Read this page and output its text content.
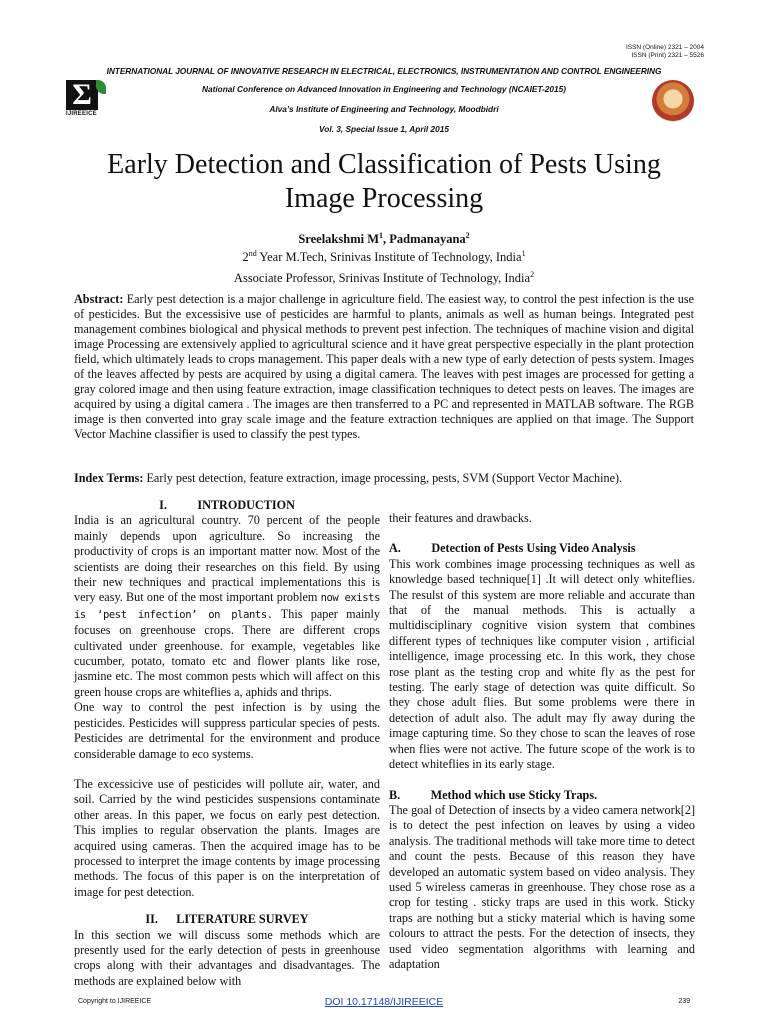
ISSN (Online) 2321 – 2004
ISSN (Print) 2321 – 5526
INTERNATIONAL JOURNAL OF INNOVATIVE RESEARCH IN ELECTRICAL, ELECTRONICS, INSTRUMENTATION AND CONTROL ENGINEERING
Σ
IJIREEICE
National Conference on Advanced Innovation in Engineering and Technology (NCAIET-2015)
Alva’s Institute of Engineering and Technology, Moodbidri
Vol. 3, Special Issue 1, April 2015
Early Detection and Classification of Pests Using
Image Processing
Sreelakshmi $M^1$, Padmanayana$^2$
2nd Year M.Tech, Srinivas Institute of Technology, India$^1$
Associate Professor, Srinivas Institute of Technology, India$^2$
Abstract: Early pest detection is a major challenge in agriculture field. The easiest way, to control the pest infection is the use of pesticides. But the excessisive use of pesticides are harmful to plants, animals as well as human beings. Integrated pest management combines biological and physical methods to prevent pest infection. The techniques of machine vision and digital image Processing are extensively applied to agricultural science and it have great perspective especially in the plant protection field, which ultimately leads to crops management. This paper deals with a new type of early detection of pests system. Images of the leaves affected by pests are acquired by using a digital camera. The leaves with pest images are processed for getting a gray colored image and then using feature extraction, image classification techniques to detect pests on leaves. The images are acquired by using a digital camera . The images are then transferred to a PC and represented in MATLAB software. The RGB image is then converted into gray scale image and the feature extraction techniques are applied on that image. The Support Vector Machine classifier is used to classify the pest types.
Index Terms: Early pest detection, feature extraction, image processing, pests, SVM (Support Vector Machine).

I.          INTRODUCTION

India is an agricultural country. 70 percent of the people mainly depends upon agriculture. So increasing the productivity of crops is an important matter now. Most of the scientists are doing their researches on this field. By using their new techniques and practical implementations this is very easy. But one of the most important problem now exists is ‘pest infection’ on plants. This paper mainly focuses on greenhouse crops. There are different crops cultivated under greenhouse. for example, vegetables like cucumber, potato, tomato etc and flower plants like rose, jasmine etc. The most common pests which will affect on this green house crops are whiteflies a, aphids and thrips.

One way to control the pest infection is by using the pesticides. Pesticides will suppress particular species of pests. Pesticides are detrimental for the environment and produce considerable damage to eco systems.

The excessicive use of pesticides will pollute air, water, and soil. Carried by the wind pesticides suspensions contaminate other areas. In this paper, we focus on early pest detection. This implies to regular observation the plants. Images are acquired using cameras. Then the acquired image has to be processed to interpret the image contents by image processing methods. The focus of this paper is on the interpretation of image for pest detection.

II.      LITERATURE SURVEY

In this section we will discuss some methods which are presently used for the early detection of pests in greenhouse crops along with their advantages and disadvantages. The methods are explained below with

their features and drawbacks.

A.          Detection of Pests Using Video Analysis

This work combines image processing techniques as well as knowledge based technique[1] .It will detect only whiteflies. The resulst of this system are more reliable and accurate than that of the manual methods. This is actually a multidisciplinary cognitive vision system that combines different types of techniques like computer vision , artificial intelligence, image processing etc. In this work, they chose rose plant as the testing crop and white fly as the pest for testing. The early stage of detection was quite difficult. So they chose adult flies. But some problems were there in detection of adult also. The adult may fly away during the image capturing time. So they chose to scan the leaves of rose when flies were not active. The future scope of the work is to detect whiteflies in its early stage.

B.          Method which use Sticky Traps.

The goal of Detection of insects by a video camera network[2] is to detect the pest infection on leaves by using a video analysis. The traditional methods will take more time to detect and count the pests. Because of this reason they have developed an automatic system based on video analysis. They used 5 wireless cameras in greenhouse. They chose rose as a crop for testing . sticky traps are used in this work. Sticky traps are nothing but a sticky material which is having some colours to attract the pests. For the detection of insects, they used video segmentation algorithms with learning and adaptation

Copyright to IJIREEICE	DOI 10.17148/IJIREEICE	239
